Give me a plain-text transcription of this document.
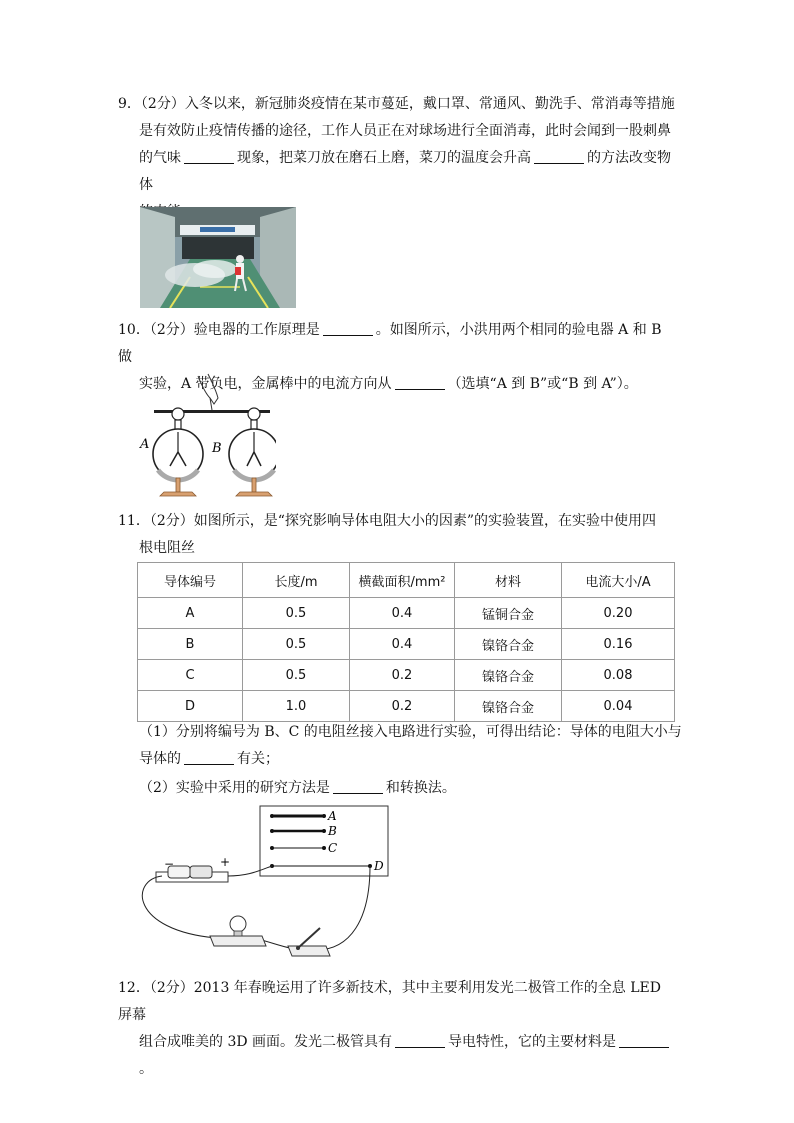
9．（2分）入冬以来，新冠肺炎疫情在某市蔓延，戴口罩、常通风、勤洗手、常消毒等措施

是有效防止疫情传播的途径，工作人员正在对球场进行全面消毒，此时会闻到一股刺鼻

的气味	现象，把菜刀放在磨石上磨，菜刀的温度会升高	的方法改变物体

10．（2分）验电器的工作原理是	。如图所示，小洪用两个相同的验电器 A 和 B 做

实验，A 带负电，金属棒中的电流方向从	（选填“A 到 B”或“B 到 A”）。

A	B

11．（2分）如图所示，是“探究影响导体电阻大小的因素”的实验装置，在实验中使用四

根电阻丝

导体编号	长度/m	横截面积/mm²	材料	电流大小/A
A	0.5	0.4	锰铜合金	0.20
B	0.5	0.4	镍铬合金	0.16
C	0.5	0.2	镍铬合金	0.08
D	1.0	0.2	镍铬合金	0.04

（1）分别将编号为 B、C 的电阻丝接入电路进行实验，可得出结论：导体的电阻大小与

导体的	有关；

（2）实验中采用的研究方法是	和转换法。

A
B
C
D
−	+

12．（2分）2013 年春晚运用了许多新技术，其中主要利用发光二极管工作的全息 LED 屏幕

组合成唯美的 3D 画面。发光二极管具有	导电特性，它的主要材料是。
